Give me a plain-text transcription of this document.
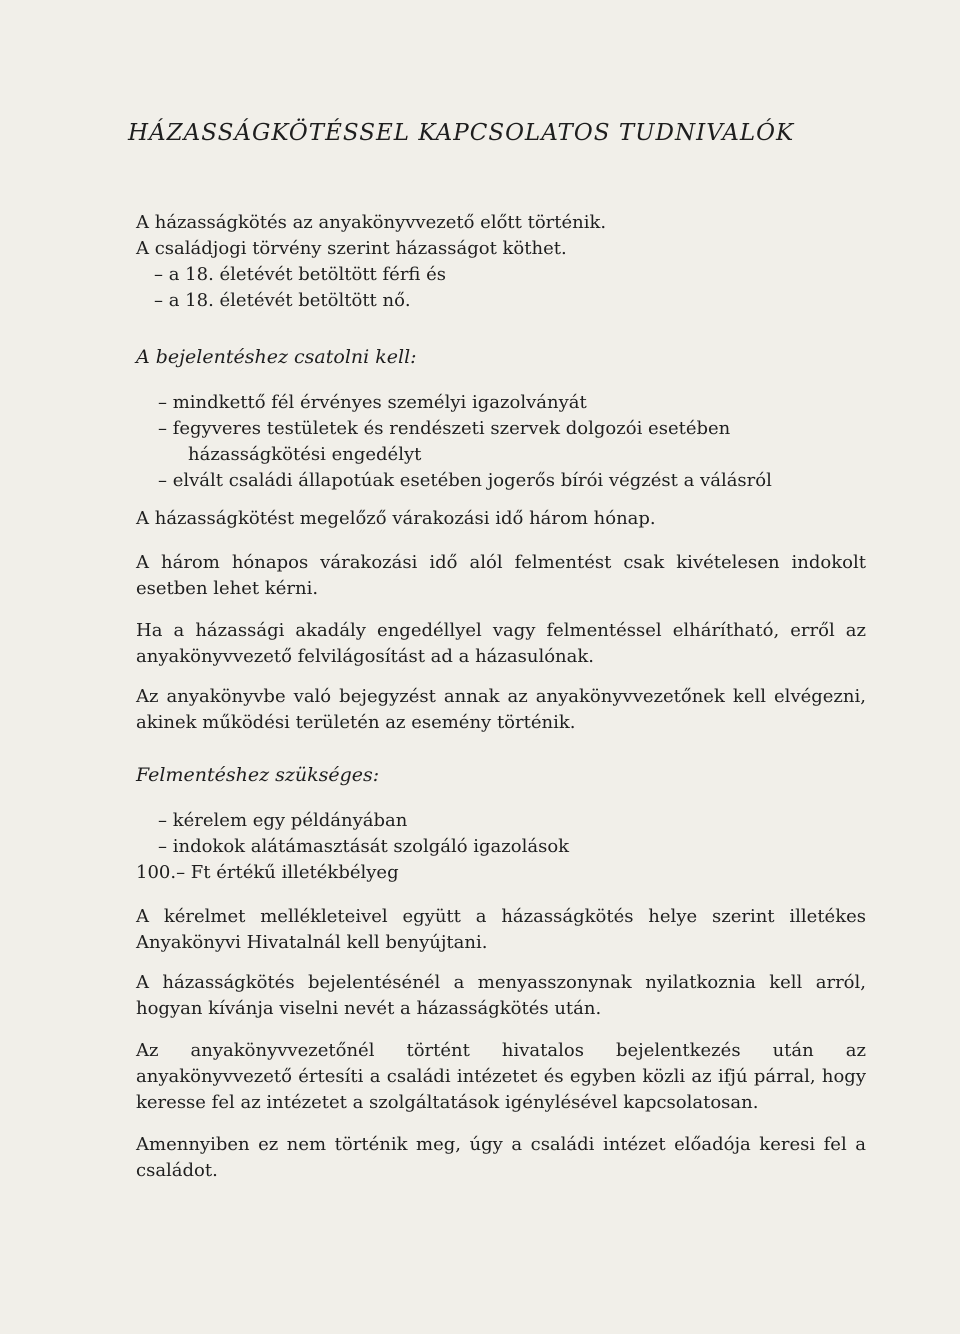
HÁZASSÁGKÖTÉSSEL KAPCSOLATOS TUDNIVALÓK

A házasságkötés az anyakönyvvezető előtt történik.

A családjogi törvény szerint házasságot köthet.

– a 18. életévét betöltött férfi és

– a 18. életévét betöltött nő.

A bejelentéshez csatolni kell:
– mindkettő fél érvényes személyi igazolványát
– fegyveres testületek és rendészeti szervek dolgozói esetében
házasságkötési engedélyt
– elvált családi állapotúak esetében jogerős bírói végzést a válásról

A házasságkötést megelőző várakozási idő három hónap.

A három hónapos várakozási idő alól felmentést csak kivételesen indokolt esetben lehet kérni.

Ha a házassági akadály engedéllyel vagy felmentéssel elhárítható, erről az anyakönyvvezető felvilágosítást ad a házasulónak.

Az anyakönyvbe való bejegyzést annak az anyakönyvvezetőnek kell elvégezni, akinek működési területén az esemény történik.

Felmentéshez szükséges:
– kérelem egy példányában
– indokok alátámasztását szolgáló igazolások

100.– Ft értékű illetékbélyeg

A kérelmet mellékleteivel együtt a házasságkötés helye szerint illetékes Anyakönyvi Hivatalnál kell benyújtani.

A házasságkötés bejelentésénél a menyasszonynak nyilatkoznia kell arról, hogyan kívánja viselni nevét a házasságkötés után.

Az anyakönyvvezetőnél történt hivatalos bejelentkezés után az anyakönyvvezető értesíti a családi intézetet és egyben közli az ifjú párral, hogy keresse fel az intézetet a szolgáltatások igénylésével kapcsolatosan.

Amennyiben ez nem történik meg, úgy a családi intézet előadója keresi fel a családot.
